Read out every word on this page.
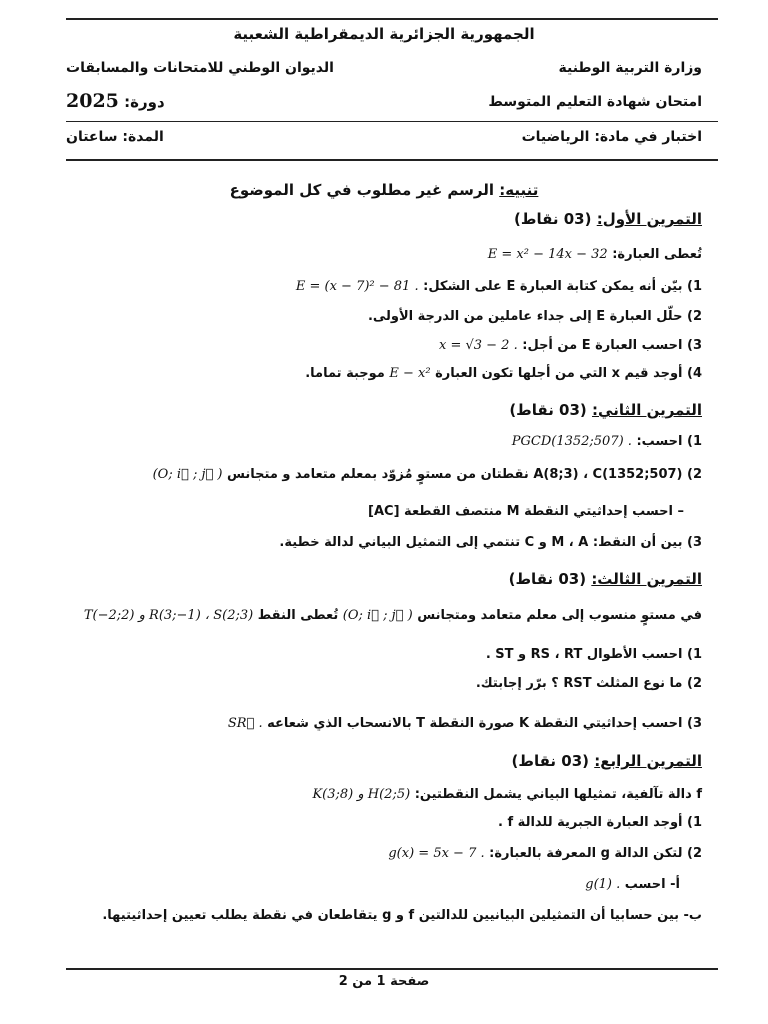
الجمهورية الجزائرية الديمقراطية الشعبية
وزارة التربية الوطنية
الديوان الوطني للامتحانات والمسابقات
امتحان شهادة التعليم المتوسط
دورة: 2025
اختبار في مادة: الرياضيات
المدة: ساعتان
تنبيه: الرسم غير مطلوب في كل الموضوع
التمرين الأول: (03 نقاط)
تُعطى العبارة: E = x² − 14x − 32
1) بيّن أنه يمكن كتابة العبارة E على الشكل: E = (x − 7)² − 81 .
2) حلّل العبارة E إلى جداء عاملين من الدرجة الأولى.
3) احسب العبارة E من أجل: x = √3 − 2 .
4) أوجد قيم x التي من أجلها تكون العبارة E − x² موجبة تماما.
التمرين الثاني: (03 نقاط)
1) احسب: PGCD(1352;507) .
2) A(8;3) ، C(1352;507) نقطتان من مستوٍ مُزوّد بمعلم متعامد و متجانس (O; i⃗ ; j⃗ )
– احسب إحداثيتي النقطة M منتصف القطعة [AC]
3) بين أن النقط: M ، A و C تنتمي إلى التمثيل البياني لدالة خطية.
التمرين الثالث: (03 نقاط)
في مستوٍ منسوب إلى معلم متعامد ومتجانس (O; i⃗ ; j⃗ ) تُعطى النقط R(3;−1) ، S(2;3) و T(−2;2)
1) احسب الأطوال RS ، RT و ST .
2) ما نوع المثلث RST ؟ برّر إجابتك.
3) احسب إحداثيتي النقطة K صورة النقطة T بالانسحاب الذي شعاعه SR⃗ .
التمرين الرابع: (03 نقاط)
f دالة تآلفية، تمثيلها البياني يشمل النقطتين: H(2;5) و K(3;8)
1) أوجد العبارة الجبرية للدالة f .
2) لتكن الدالة g المعرفة بالعبارة: g(x) = 5x − 7 .
أ- احسب g(1) .
ب- بين حسابيا أن التمثيلين البيانيين للدالتين f و g يتقاطعان في نقطة يطلب تعيين إحداثيتيها.
صفحة 1 من 2
